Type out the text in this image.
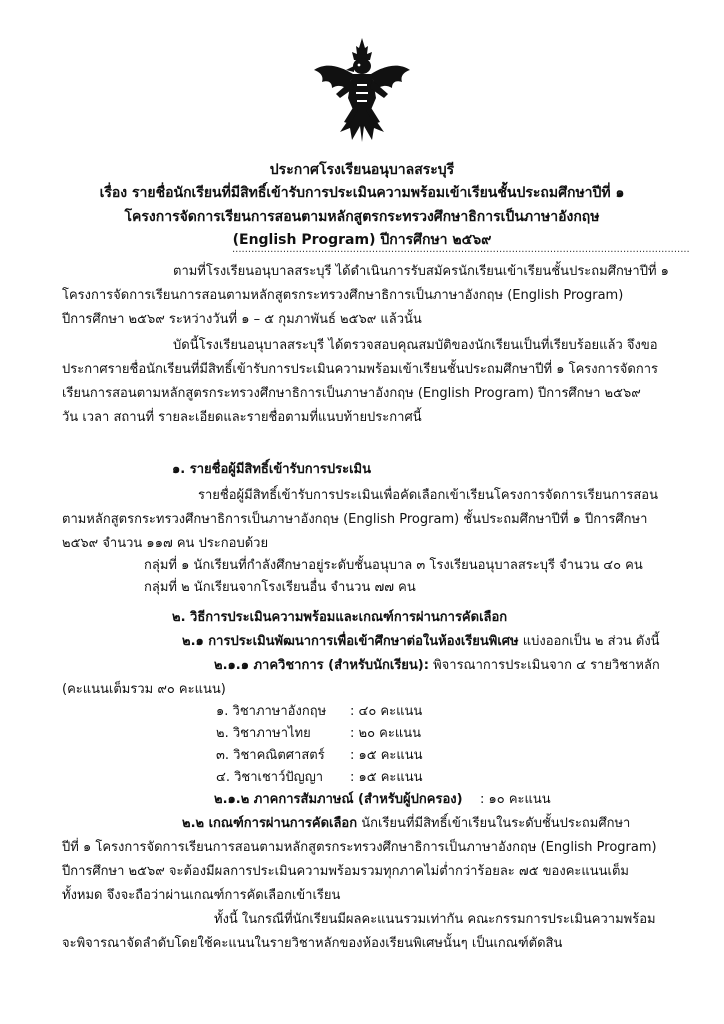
ประกาศโรงเรียนอนุบาลสระบุรี
เรื่อง รายชื่อนักเรียนที่มีสิทธิ์เข้ารับการประเมินความพร้อมเข้าเรียนชั้นประถมศึกษาปีที่ ๑
โครงการจัดการเรียนการสอนตามหลักสูตรกระทรวงศึกษาธิการเป็นภาษาอังกฤษ
(English Program) ปีการศึกษา ๒๕๖๙
................................................................................................................................................
ตามที่โรงเรียนอนุบาลสระบุรี ได้ดำเนินการรับสมัครนักเรียนเข้าเรียนชั้นประถมศึกษาปีที่ ๑
โครงการจัดการเรียนการสอนตามหลักสูตรกระทรวงศึกษาธิการเป็นภาษาอังกฤษ (English Program)
ปีการศึกษา ๒๕๖๙ ระหว่างวันที่ ๑ – ๕ กุมภาพันธ์ ๒๕๖๙ แล้วนั้น
บัดนี้โรงเรียนอนุบาลสระบุรี ได้ตรวจสอบคุณสมบัติของนักเรียนเป็นที่เรียบร้อยแล้ว จึงขอ
ประกาศรายชื่อนักเรียนที่มีสิทธิ์เข้ารับการประเมินความพร้อมเข้าเรียนชั้นประถมศึกษาปีที่ ๑ โครงการจัดการ
เรียนการสอนตามหลักสูตรกระทรวงศึกษาธิการเป็นภาษาอังกฤษ (English Program) ปีการศึกษา ๒๕๖๙
วัน เวลา สถานที่ รายละเอียดและรายชื่อตามที่แนบท้ายประกาศนี้
๑. รายชื่อผู้มีสิทธิ์เข้ารับการประเมิน
รายชื่อผู้มีสิทธิ์เข้ารับการประเมินเพื่อคัดเลือกเข้าเรียนโครงการจัดการเรียนการสอน
ตามหลักสูตรกระทรวงศึกษาธิการเป็นภาษาอังกฤษ (English Program) ชั้นประถมศึกษาปีที่ ๑ ปีการศึกษา
๒๕๖๙ จำนวน ๑๑๗ คน ประกอบด้วย
กลุ่มที่ ๑ นักเรียนที่กำลังศึกษาอยู่ระดับชั้นอนุบาล ๓ โรงเรียนอนุบาลสระบุรี จำนวน ๔๐ คน
กลุ่มที่ ๒ นักเรียนจากโรงเรียนอื่น จำนวน ๗๗ คน
๒. วิธีการประเมินความพร้อมและเกณฑ์การผ่านการคัดเลือก
๒.๑ การประเมินพัฒนาการเพื่อเข้าศึกษาต่อในห้องเรียนพิเศษ แบ่งออกเป็น ๒ ส่วน ดังนี้
๒.๑.๑ ภาควิชาการ (สำหรับนักเรียน): พิจารณาการประเมินจาก ๔ รายวิชาหลัก
(คะแนนเต็มรวม ๙๐ คะแนน)
๑. วิชาภาษาอังกฤษ : ๔๐ คะแนน
๒. วิชาภาษาไทย	: ๒๐ คะแนน
๓. วิชาคณิตศาสตร์ : ๑๕ คะแนน
๔. วิชาเชาว์ปัญญา : ๑๕ คะแนน
๒.๑.๒ ภาคการสัมภาษณ์ (สำหรับผู้ปกครอง) : ๑๐ คะแนน
๒.๒ เกณฑ์การผ่านการคัดเลือก นักเรียนที่มีสิทธิ์เข้าเรียนในระดับชั้นประถมศึกษา
ปีที่ ๑ โครงการจัดการเรียนการสอนตามหลักสูตรกระทรวงศึกษาธิการเป็นภาษาอังกฤษ (English Program)
ปีการศึกษา ๒๕๖๙ จะต้องมีผลการประเมินความพร้อมรวมทุกภาคไม่ต่ำกว่าร้อยละ ๗๕ ของคะแนนเต็ม
ทั้งหมด จึงจะถือว่าผ่านเกณฑ์การคัดเลือกเข้าเรียน
ทั้งนี้ ในกรณีที่นักเรียนมีผลคะแนนรวมเท่ากัน คณะกรรมการประเมินความพร้อม
จะพิจารณาจัดลำดับโดยใช้คะแนนในรายวิชาหลักของห้องเรียนพิเศษนั้นๆ เป็นเกณฑ์ตัดสิน
